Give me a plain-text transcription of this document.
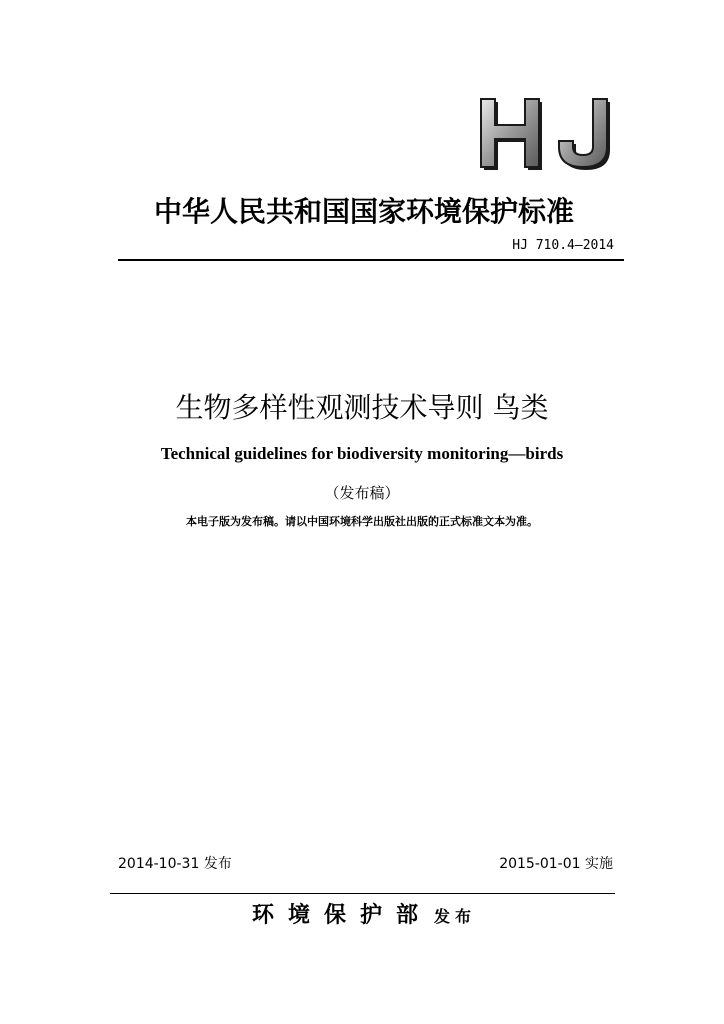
中华人民共和国国家环境保护标准
HJ 710.4—2014
生物多样性观测技术导则 鸟类
Technical guidelines for biodiversity monitoring—birds
（发布稿）
本电子版为发布稿。请以中国环境科学出版社出版的正式标准文本为准。
2014-10-31 发布	2015-01-01 实施
环境保护部 发布
